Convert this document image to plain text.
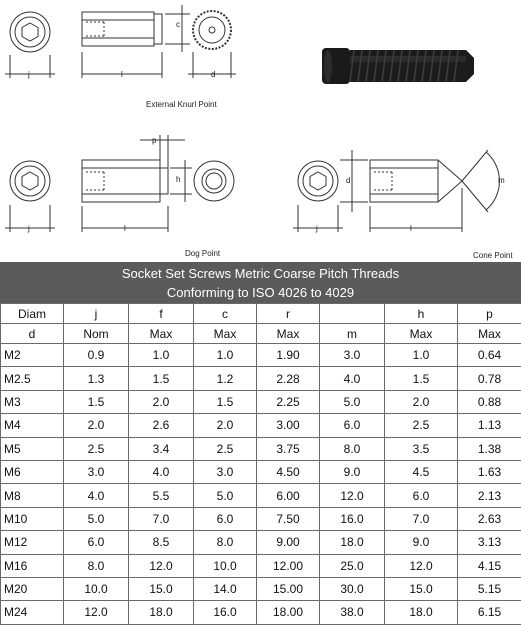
c
j	l	d
External Knurl Point
p
h
j	l
Dog Point
d
j	l
m
Cone Point
Socket Set Screws Metric Coarse Pitch Threads
Conforming to ISO 4026 to 4029
Diam	j	f	c	r		h	p
d	Nom	Max	Max	Max	m	Max	Max
M2	0.9	1.0	1.0	1.90	3.0	1.0	0.64
M2.5	1.3	1.5	1.2	2.28	4.0	1.5	0.78
M3	1.5	2.0	1.5	2.25	5.0	2.0	0.88
M4	2.0	2.6	2.0	3.00	6.0	2.5	1.13
M5	2.5	3.4	2.5	3.75	8.0	3.5	1.38
M6	3.0	4.0	3.0	4.50	9.0	4.5	1.63
M8	4.0	5.5	5.0	6.00	12.0	6.0	2.13
M10	5.0	7.0	6.0	7.50	16.0	7.0	2.63
M12	6.0	8.5	8.0	9.00	18.0	9.0	3.13
M16	8.0	12.0	10.0	12.00	25.0	12.0	4.15
M20	10.0	15.0	14.0	15.00	30.0	15.0	5.15
M24	12.0	18.0	16.0	18.00	38.0	18.0	6.15
